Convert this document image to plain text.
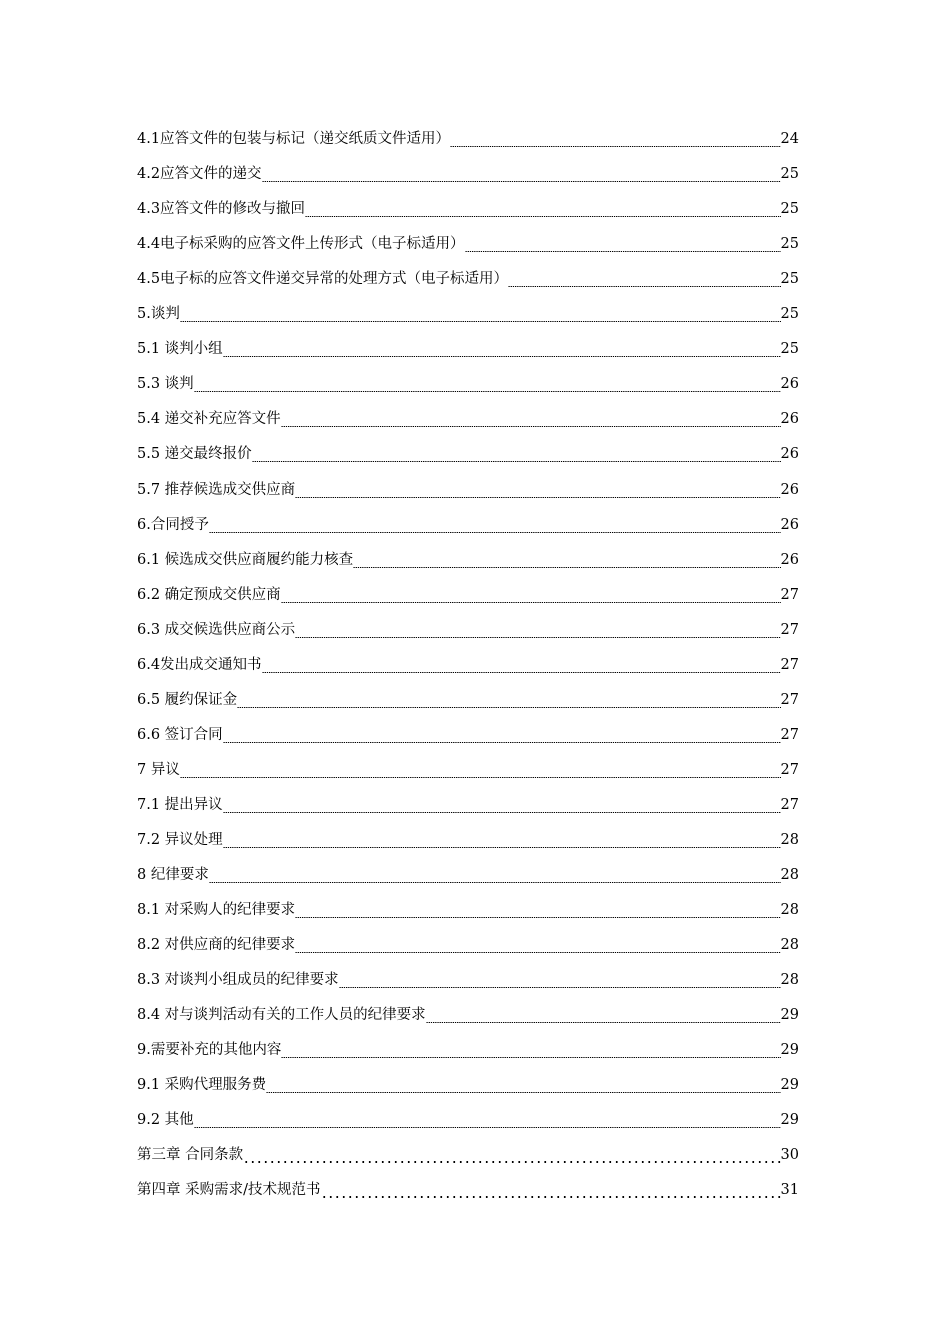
4.1应答文件的包装与标记（递交纸质文件适用）	24
4.2应答文件的递交	25
4.3应答文件的修改与撤回	25
4.4电子标采购的应答文件上传形式（电子标适用）	25
4.5电子标的应答文件递交异常的处理方式（电子标适用）	25
5.谈判	25
5.1 谈判小组	25
5.3 谈判	26
5.4 递交补充应答文件	26
5.5 递交最终报价	26
5.7 推荐候选成交供应商	26
6.合同授予	26
6.1 候选成交供应商履约能力核查	26
6.2 确定预成交供应商	27
6.3 成交候选供应商公示	27
6.4发出成交通知书	27
6.5 履约保证金	27
6.6 签订合同	27
7 异议	27
7.1 提出异议	27
7.2 异议处理	28
8 纪律要求	28
8.1 对采购人的纪律要求	28
8.2 对供应商的纪律要求	28
8.3 对谈判小组成员的纪律要求	28
8.4 对与谈判活动有关的工作人员的纪律要求	29
9.需要补充的其他内容	29
9.1 采购代理服务费	29
9.2 其他	29
第三章 合同条款	30
第四章 采购需求/技术规范书	31
